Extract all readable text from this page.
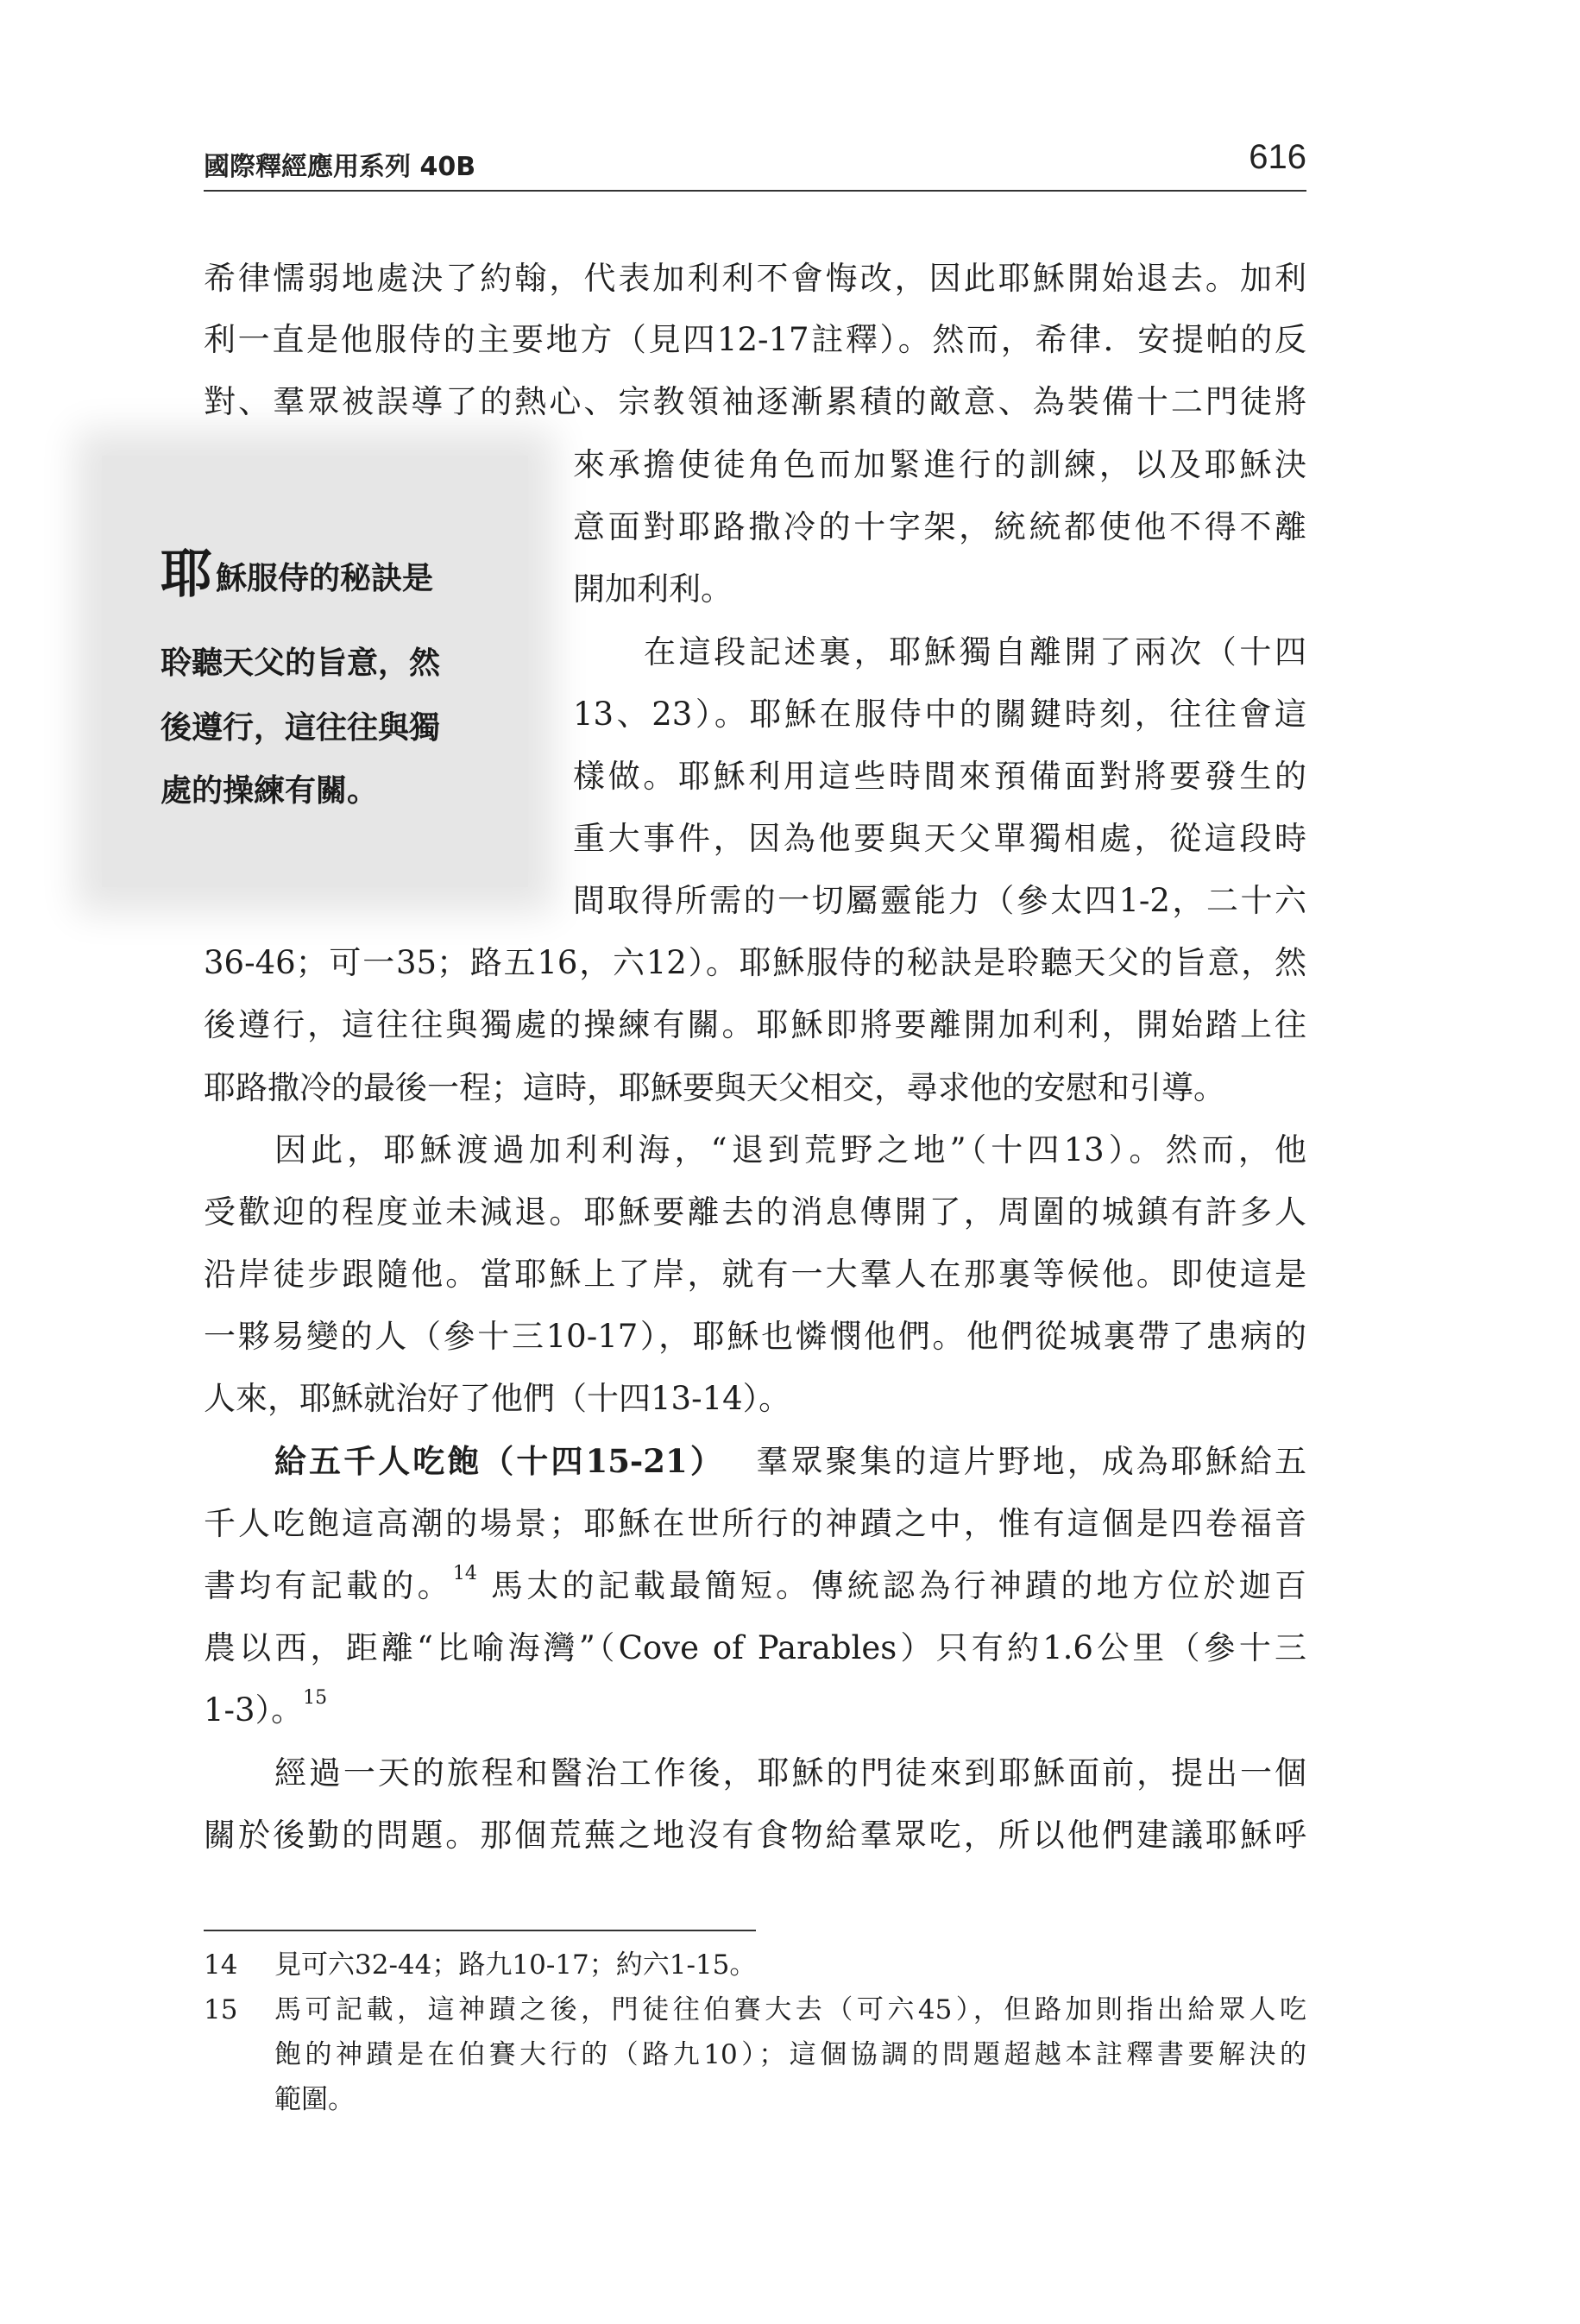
國際釋經應用系列 40B	616
耶穌服侍的秘訣是
聆聽天父的旨意，然
後遵行，這往往與獨
處的操練有關。
希律懦弱地處決了約翰，代表加利利不會悔改，因此耶穌開始退去。加利
利一直是他服侍的主要地方（見四12-17註釋）。然而，希律．安提帕的反
對、羣眾被誤導了的熱心、宗教領袖逐漸累積的敵意、為裝備十二門徒將
來承擔使徒角色而加緊進行的訓練，以及耶穌決
意面對耶路撒冷的十字架，統統都使他不得不離
開加利利。
在這段記述裏，耶穌獨自離開了兩次（十四
13、23）。耶穌在服侍中的關鍵時刻，往往會這
樣做。耶穌利用這些時間來預備面對將要發生的
重大事件，因為他要與天父單獨相處，從這段時
間取得所需的一切屬靈能力（參太四1-2，二十六
36-46；可一35；路五16，六12）。耶穌服侍的秘訣是聆聽天父的旨意，然
後遵行，這往往與獨處的操練有關。耶穌即將要離開加利利，開始踏上往
耶路撒冷的最後一程；這時，耶穌要與天父相交，尋求他的安慰和引導。
因此，耶穌渡過加利利海，“退到荒野之地”（十四13）。然而，他
受歡迎的程度並未減退。耶穌要離去的消息傳開了，周圍的城鎮有許多人
沿岸徒步跟隨他。當耶穌上了岸，就有一大羣人在那裏等候他。即使這是
一夥易變的人（參十三10-17），耶穌也憐憫他們。他們從城裏帶了患病的
人來，耶穌就治好了他們（十四13-14）。
給五千人吃飽（十四15-21）　 羣眾聚集的這片野地，成為耶穌給五
千人吃飽這高潮的場景；耶穌在世所行的神蹟之中，惟有這個是四卷福音
書均有記載的。$^{14}$ 馬太的記載最簡短。傳統認為行神蹟的地方位於迦百
農以西，距離“比喻海灣”（Cove of Parables）只有約1.6公里（參十三
1-3）。$^{15}$
經過一天的旅程和醫治工作後，耶穌的門徒來到耶穌面前，提出一個
關於後勤的問題。那個荒蕪之地沒有食物給羣眾吃，所以他們建議耶穌呼
14 見可六32-44；路九10-17；約六1-15。
15 馬可記載，這神蹟之後，門徒往伯賽大去（可六45），但路加則指出給眾人吃
飽的神蹟是在伯賽大行的（路九10）；這個協調的問題超越本註釋書要解決的
範圍。
